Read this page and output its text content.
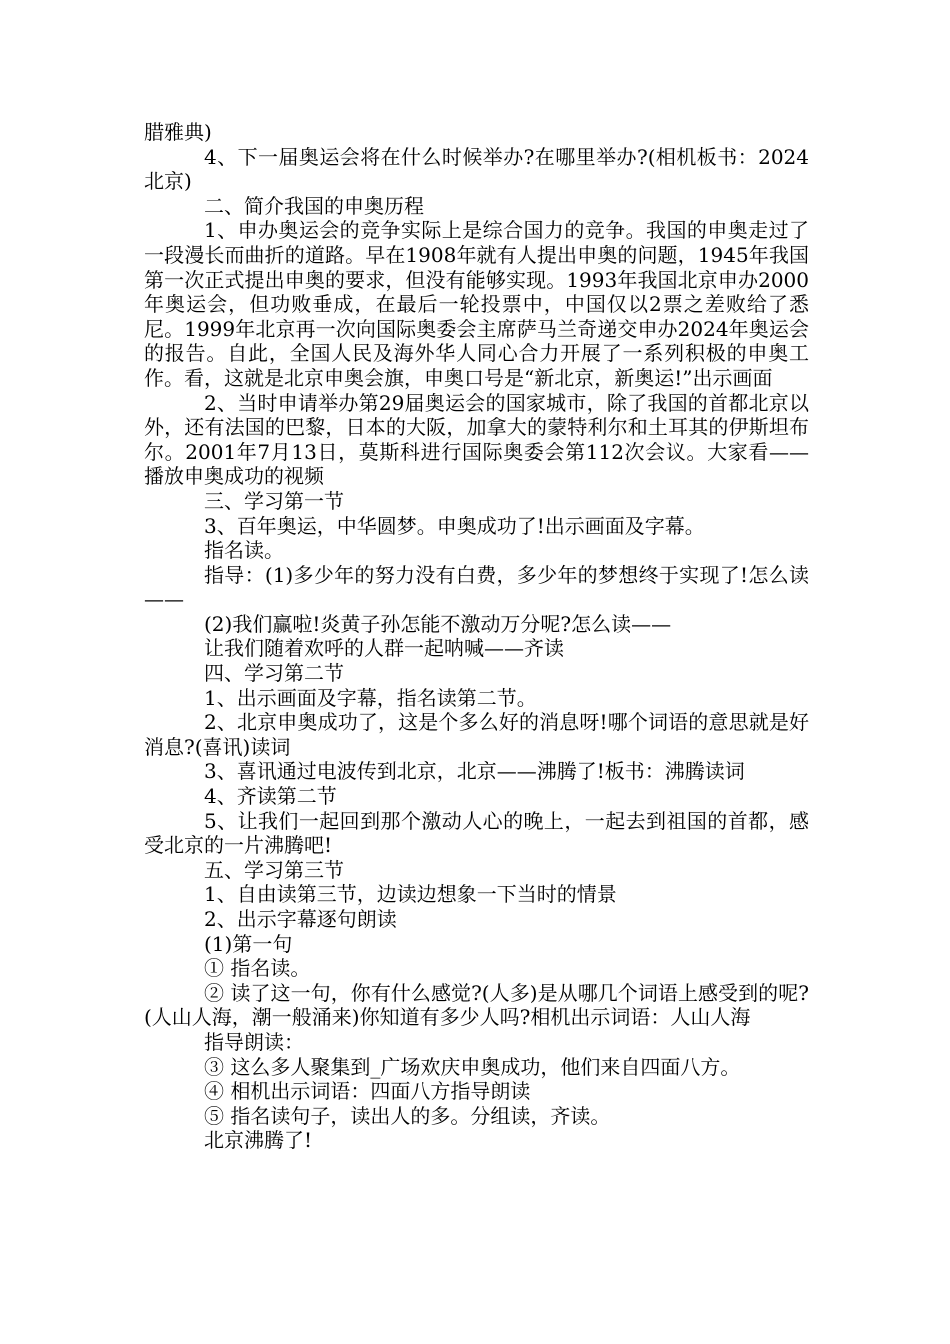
腊雅典)

4、下一届奥运会将在什么时候举办?在哪里举办?(相机板书：2024北京)

二、简介我国的申奥历程

1、申办奥运会的竞争实际上是综合国力的竞争。我国的申奥走过了一段漫长而曲折的道路。早在1908年就有人提出申奥的问题，1945年我国第一次正式提出申奥的要求，但没有能够实现。1993年我国北京申办2000年奥运会，但功败垂成，在最后一轮投票中，中国仅以2票之差败给了悉尼。1999年北京再一次向国际奥委会主席萨马兰奇递交申办2024年奥运会的报告。自此，全国人民及海外华人同心合力开展了一系列积极的申奥工作。看，这就是北京申奥会旗，申奥口号是“新北京，新奥运!”出示画面

2、当时申请举办第29届奥运会的国家城市，除了我国的首都北京以外，还有法国的巴黎，日本的大阪，加拿大的蒙特利尔和土耳其的伊斯坦布尔。2001年7月13日，莫斯科进行国际奥委会第112次会议。大家看——播放申奥成功的视频

三、学习第一节

3、百年奥运，中华圆梦。申奥成功了!出示画面及字幕。

指名读。

指导：(1)多少年的努力没有白费，多少年的梦想终于实现了!怎么读——

(2)我们赢啦!炎黄子孙怎能不激动万分呢?怎么读——

让我们随着欢呼的人群一起呐喊——齐读

四、学习第二节

1、出示画面及字幕，指名读第二节。

2、北京申奥成功了，这是个多么好的消息呀!哪个词语的意思就是好消息?(喜讯)读词

3、喜讯通过电波传到北京，北京——沸腾了!板书：沸腾读词

4、齐读第二节

5、让我们一起回到那个激动人心的晚上，一起去到祖国的首都，感受北京的一片沸腾吧!

五、学习第三节

1、自由读第三节，边读边想象一下当时的情景

2、出示字幕逐句朗读

(1)第一句

① 指名读。

② 读了这一句，你有什么感觉?(人多)是从哪几个词语上感受到的呢?(人山人海，潮一般涌来)你知道有多少人吗?相机出示词语：人山人海

指导朗读：

③ 这么多人聚集到_广场欢庆申奥成功，他们来自四面八方。

④ 相机出示词语：四面八方指导朗读

⑤ 指名读句子，读出人的多。分组读，齐读。

北京沸腾了!
